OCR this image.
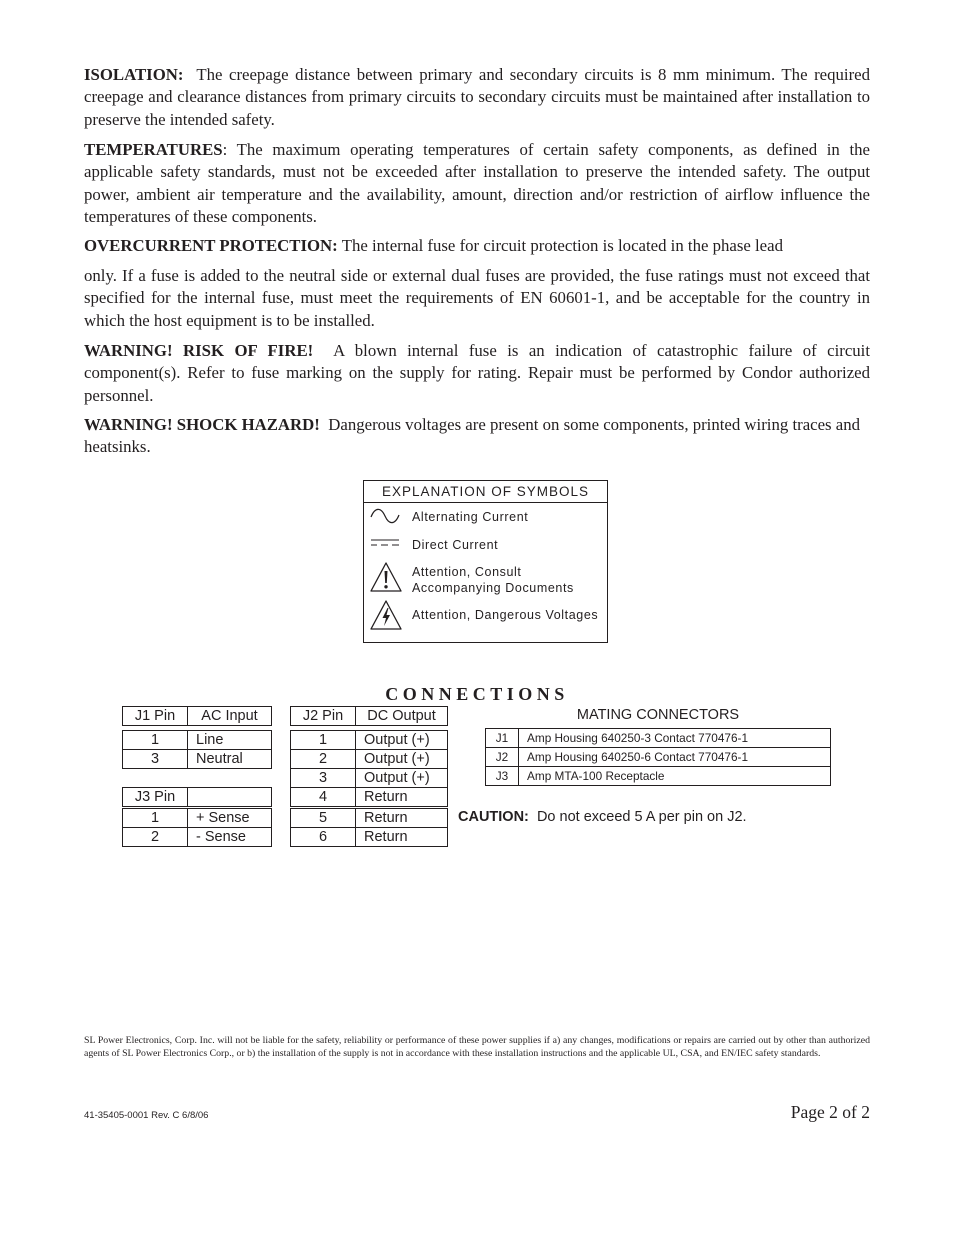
ISOLATION: The creepage distance between primary and secondary circuits is 8 mm minimum. The required creepage and clearance distances from primary circuits to secondary circuits must be maintained after installation to preserve the intended safety.

TEMPERATURES: The maximum operating temperatures of certain safety components, as defined in the applicable safety standards, must not be exceeded after installation to preserve the intended safety. The output power, ambient air temperature and the availability, amount, direction and/or restriction of airflow influence the temperatures of these components.

OVERCURRENT PROTECTION: The internal fuse for circuit protection is located in the phase lead

only. If a fuse is added to the neutral side or external dual fuses are provided, the fuse ratings must not exceed that specified for the internal fuse, must meet the requirements of EN 60601-1, and be acceptable for the country in which the host equipment is to be installed.

WARNING! RISK OF FIRE! A blown internal fuse is an indication of catastrophic failure of circuit component(s). Refer to fuse marking on the supply for rating. Repair must be performed by Condor authorized personnel.

WARNING! SHOCK HAZARD! Dangerous voltages are present on some components, printed wiring traces and heatsinks.

EXPLANATION OF SYMBOLS
Alternating Current
Direct Current
Attention, Consult
Accompanying Documents
Attention, Dangerous Voltages
CONNECTIONS
J1 Pin	AC Input
1	Line
3	Neutral
J3 Pin
1	+ Sense
2	- Sense
J2 Pin	DC Output
1	Output (+)
2	Output (+)
3	Output (+)
4	Return
5	Return
6	Return
MATING CONNECTORS
J1	Amp Housing 640250-3 Contact 770476-1
J2	Amp Housing 640250-6 Contact 770476-1
J3	Amp MTA-100 Receptacle
CAUTION: Do not exceed 5 A per pin on J2.

SL Power Electronics, Corp. Inc. will not be liable for the safety, reliability or performance of these power supplies if a) any changes, modifications or repairs are carried out by other than authorized agents of SL Power Electronics Corp., or b) the installation of the supply is not in accordance with these installation instructions and the applicable UL, CSA, and EN/IEC safety standards.

41-35405-0001 Rev. C 6/8/06	Page 2 of 2
